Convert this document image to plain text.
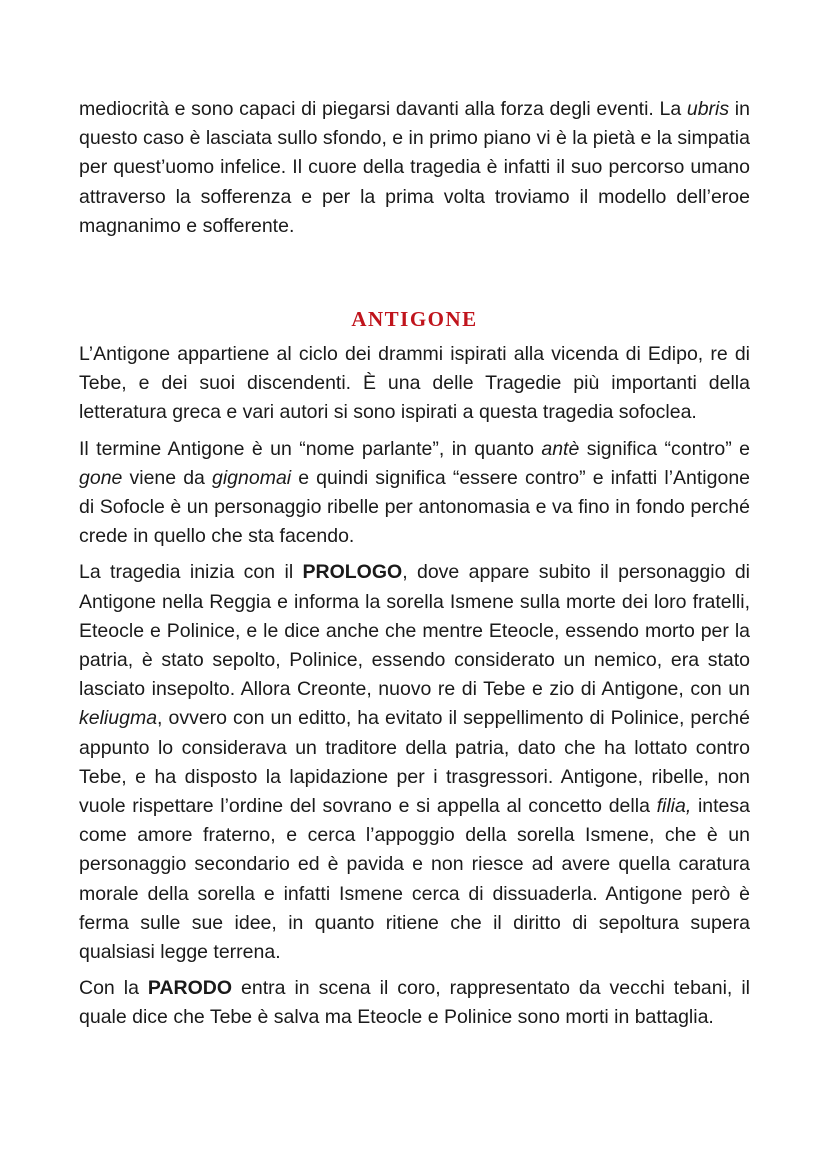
mediocrità e sono capaci di piegarsi davanti alla forza degli eventi. La ubris in questo caso è lasciata sullo sfondo, e in primo piano vi è la pietà e la simpatia per quest’uomo infelice. Il cuore della tragedia è infatti il suo percorso umano attraverso la sofferenza e per la prima volta troviamo il modello dell’eroe magnanimo e sofferente.

ANTIGONE

L’Antigone appartiene al ciclo dei drammi ispirati alla vicenda di Edipo, re di Tebe, e dei suoi discendenti. È una delle Tragedie più importanti della letteratura greca e vari autori si sono ispirati a questa tragedia sofoclea.

Il termine Antigone è un “nome parlante”, in quanto antè significa “contro” e gone viene da gignomai e quindi significa “essere contro” e infatti l’Antigone di Sofocle è un personaggio ribelle per antonomasia e va fino in fondo perché crede in quello che sta facendo.

La tragedia inizia con il PROLOGO, dove appare subito il personaggio di Antigone nella Reggia e informa la sorella Ismene sulla morte dei loro fratelli, Eteocle e Polinice, e le dice anche che mentre Eteocle, essendo morto per la patria, è stato sepolto, Polinice, essendo considerato un nemico, era stato lasciato insepolto. Allora Creonte, nuovo re di Tebe e zio di Antigone, con un keliugma, ovvero con un editto, ha evitato il seppellimento di Polinice, perché appunto lo considerava un traditore della patria, dato che ha lottato contro Tebe, e ha disposto la lapidazione per i trasgressori. Antigone, ribelle, non vuole rispettare l’ordine del sovrano e si appella al concetto della filia, intesa come amore fraterno, e cerca l’appoggio della sorella Ismene, che è un personaggio secondario ed è pavida e non riesce ad avere quella caratura morale della sorella e infatti Ismene cerca di dissuaderla. Antigone però è ferma sulle sue idee, in quanto ritiene che il diritto di sepoltura supera qualsiasi legge terrena.

Con la PARODO entra in scena il coro, rappresentato da vecchi tebani, il quale dice che Tebe è salva ma Eteocle e Polinice sono morti in battaglia.
